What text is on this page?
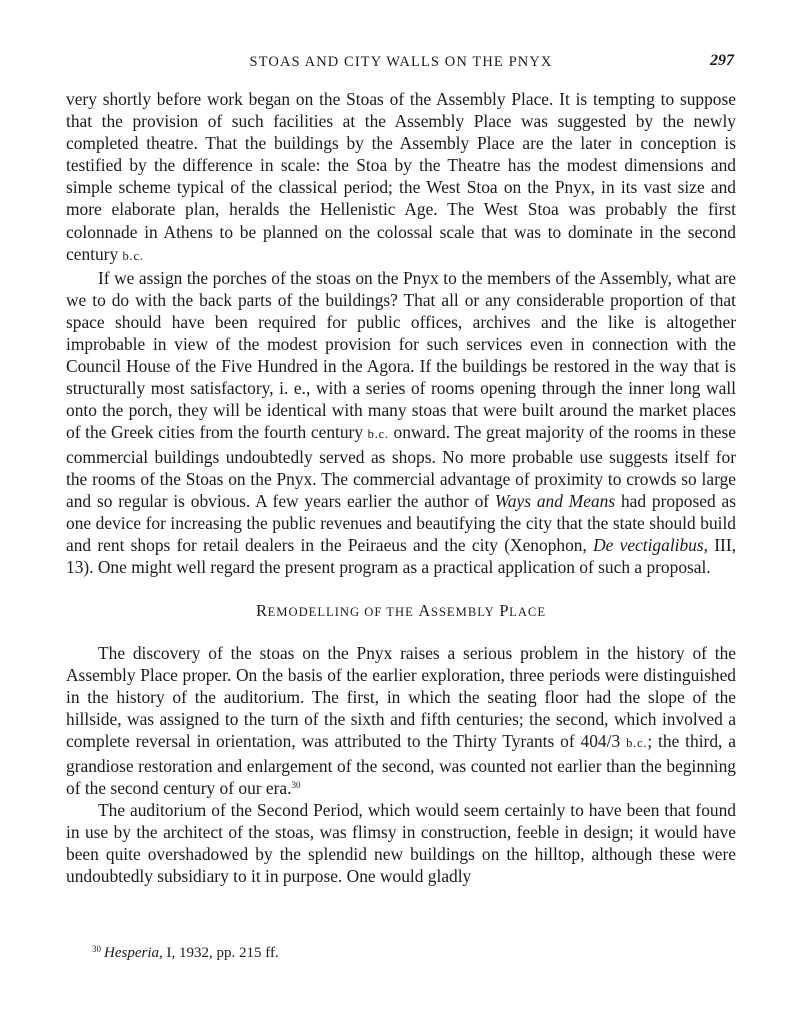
STOAS AND CITY WALLS ON THE PNYX	297

very shortly before work began on the Stoas of the Assembly Place. It is tempting to suppose that the provision of such facilities at the Assembly Place was suggested by the newly completed theatre. That the buildings by the Assembly Place are the later in conception is testified by the difference in scale: the Stoa by the Theatre has the modest dimensions and simple scheme typical of the classical period; the West Stoa on the Pnyx, in its vast size and more elaborate plan, heralds the Hellenistic Age. The West Stoa was probably the first colonnade in Athens to be planned on the colossal scale that was to dominate in the second century b.c.

If we assign the porches of the stoas on the Pnyx to the members of the Assembly, what are we to do with the back parts of the buildings? That all or any considerable proportion of that space should have been required for public offices, archives and the like is altogether improbable in view of the modest provision for such services even in connection with the Council House of the Five Hundred in the Agora. If the buildings be restored in the way that is structurally most satisfactory, i. e., with a series of rooms opening through the inner long wall onto the porch, they will be identical with many stoas that were built around the market places of the Greek cities from the fourth century b.c. onward. The great majority of the rooms in these commercial buildings undoubtedly served as shops. No more probable use suggests itself for the rooms of the Stoas on the Pnyx. The commercial advantage of proximity to crowds so large and so regular is obvious. A few years earlier the author of Ways and Means had proposed as one device for increasing the public revenues and beautifying the city that the state should build and rent shops for retail dealers in the Peiraeus and the city (Xenophon, De vectigalibus, III, 13). One might well regard the present program as a practical application of such a proposal.

REMODELLING OF THE ASSEMBLY PLACE

The discovery of the stoas on the Pnyx raises a serious problem in the history of the Assembly Place proper. On the basis of the earlier exploration, three periods were distinguished in the history of the auditorium. The first, in which the seating floor had the slope of the hillside, was assigned to the turn of the sixth and fifth centuries; the second, which involved a complete reversal in orientation, was attributed to the Thirty Tyrants of 404/3 b.c.; the third, a grandiose restoration and enlargement of the second, was counted not earlier than the beginning of the second century of our era.$^{30}$

The auditorium of the Second Period, which would seem certainly to have been that found in use by the architect of the stoas, was flimsy in construction, feeble in design; it would have been quite overshadowed by the splendid new buildings on the hilltop, although these were undoubtedly subsidiary to it in purpose. One would gladly

$^{30}$ Hesperia, I, 1932, pp. 215 ff.
